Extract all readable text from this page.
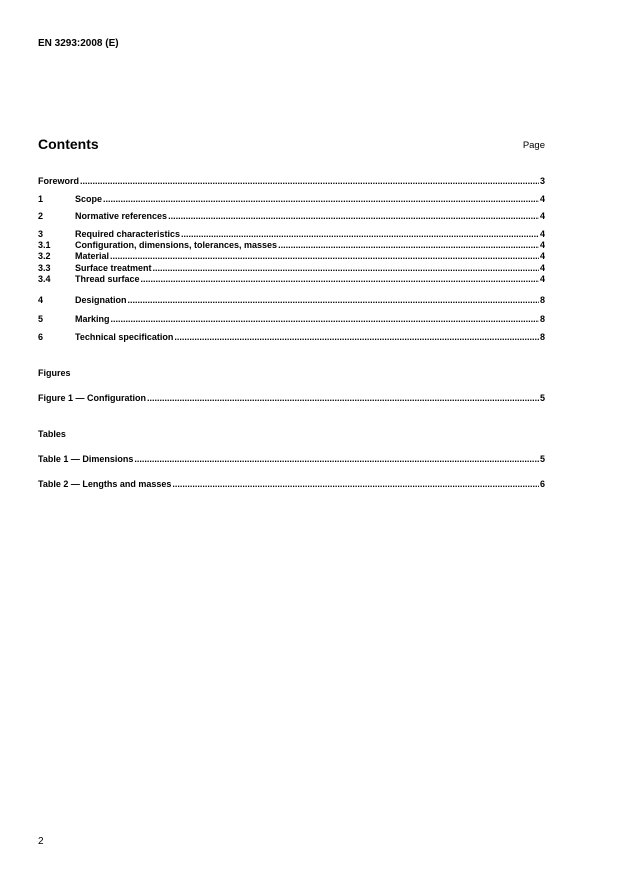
EN 3293:2008 (E)
Contents	Page
Foreword .....	3
1	Scope .....	4
2	Normative references .....	4
3	Required characteristics .....	4
3.1	Configuration, dimensions, tolerances, masses .....	4
3.2	Material .....	4
3.3	Surface treatment .....	4
3.4	Thread surface .....	4
4	Designation .....	8
5	Marking .....	8
6	Technical specification .....	8
Figures
Figure 1 — Configuration .....	5
Tables
Table 1 — Dimensions .....	5
Table 2 — Lengths and masses .....	6
2
